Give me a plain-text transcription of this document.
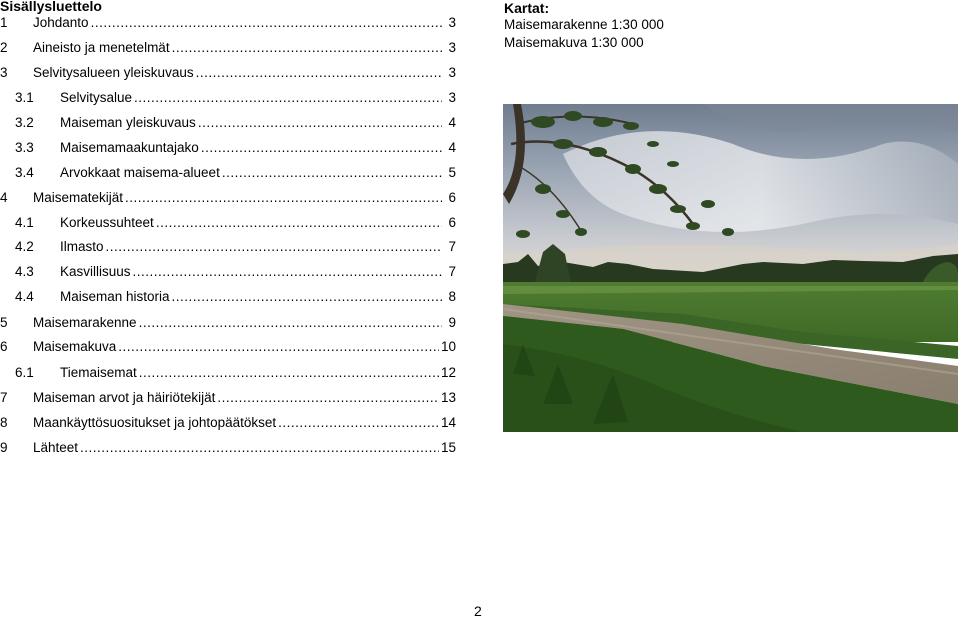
Sisällysluettelo
1	Johdanto .....	3
2	Aineisto ja menetelmät .....	3
3	Selvitysalueen yleiskuvaus .....	3
3.1	Selvitysalue .....	3
3.2	Maiseman yleiskuvaus .....	4
3.3	Maisemamaakuntajako .....	4
3.4	Arvokkaat maisema-alueet .....	5
4	Maisematekijät .....	6
4.1	Korkeussuhteet .....	6
4.2	Ilmasto .....	7
4.3	Kasvillisuus .....	7
4.4	Maiseman historia .....	8
5	Maisemarakenne .....	9
6	Maisemakuva .....	10
6.1	Tiemaisemat .....	12
7	Maiseman arvot ja häiriötekijät .....	13
8	Maankäyttösuositukset ja johtopäätökset .....	14
9	Lähteet .....	15
Kartat:
Maisemarakenne 1:30 000
Maisemakuva 1:30 000
2
